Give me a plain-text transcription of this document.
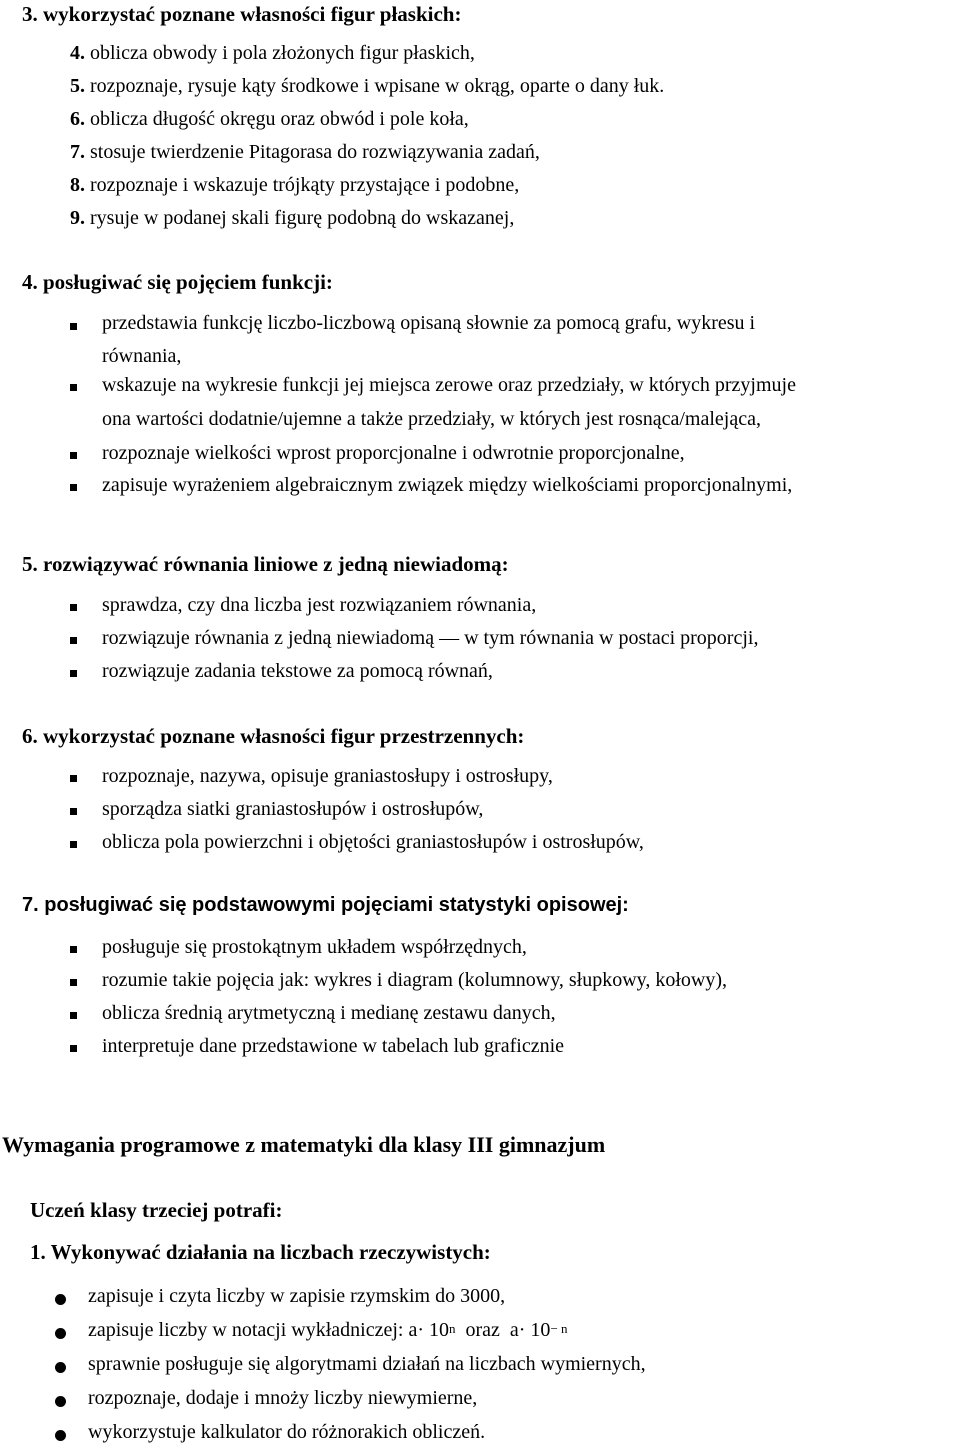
3. wykorzystać poznane własności figur płaskich:
4. oblicza obwody i pola złożonych figur płaskich,
5. rozpoznaje, rysuje kąty środkowe i wpisane w okrąg, oparte o dany łuk.
6. oblicza długość okręgu oraz obwód i pole koła,
7. stosuje twierdzenie Pitagorasa do rozwiązywania zadań,
8. rozpoznaje i wskazuje trójkąty przystające i podobne,
9. rysuje w podanej skali figurę podobną do wskazanej,
4. posługiwać się pojęciem funkcji:
przedstawia funkcję liczbo-liczbową opisaną słownie za pomocą grafu, wykresu i
równania,
wskazuje na wykresie funkcji jej miejsca zerowe oraz przedziały, w których przyjmuje
ona wartości dodatnie/ujemne a także przedziały, w których jest rosnąca/malejąca,
rozpoznaje wielkości wprost proporcjonalne i odwrotnie proporcjonalne,
zapisuje wyrażeniem algebraicznym związek między wielkościami proporcjonalnymi,
5. rozwiązywać równania liniowe z jedną niewiadomą:
sprawdza, czy dna liczba jest rozwiązaniem równania,
rozwiązuje równania z jedną niewiadomą — w tym równania w postaci proporcji,
rozwiązuje zadania tekstowe za pomocą równań,
6. wykorzystać poznane własności figur przestrzennych:
rozpoznaje, nazywa, opisuje graniastosłupy i ostrosłupy,
sporządza siatki graniastosłupów i ostrosłupów,
oblicza pola powierzchni i objętości graniastosłupów i ostrosłupów,
7. posługiwać się podstawowymi pojęciami statystyki opisowej:
posługuje się prostokątnym układem współrzędnych,
rozumie takie pojęcia jak: wykres i diagram (kolumnowy, słupkowy, kołowy),
oblicza średnią arytmetyczną i medianę zestawu danych,
interpretuje dane przedstawione w tabelach lub graficznie
Wymagania programowe z matematyki dla klasy III gimnazjum
Uczeń klasy trzeciej potrafi:
1. Wykonywać działania na liczbach rzeczywistych:
zapisuje i czyta liczby w zapisie rzymskim do 3000,
zapisuje liczby w notacji wykładniczej: $a\cdot 10^n$  oraz  $a\cdot 10^{- n}$
sprawnie posługuje się algorytmami działań na liczbach wymiernych,
rozpoznaje, dodaje i mnoży liczby niewymierne,
wykorzystuje kalkulator do różnorakich obliczeń.
